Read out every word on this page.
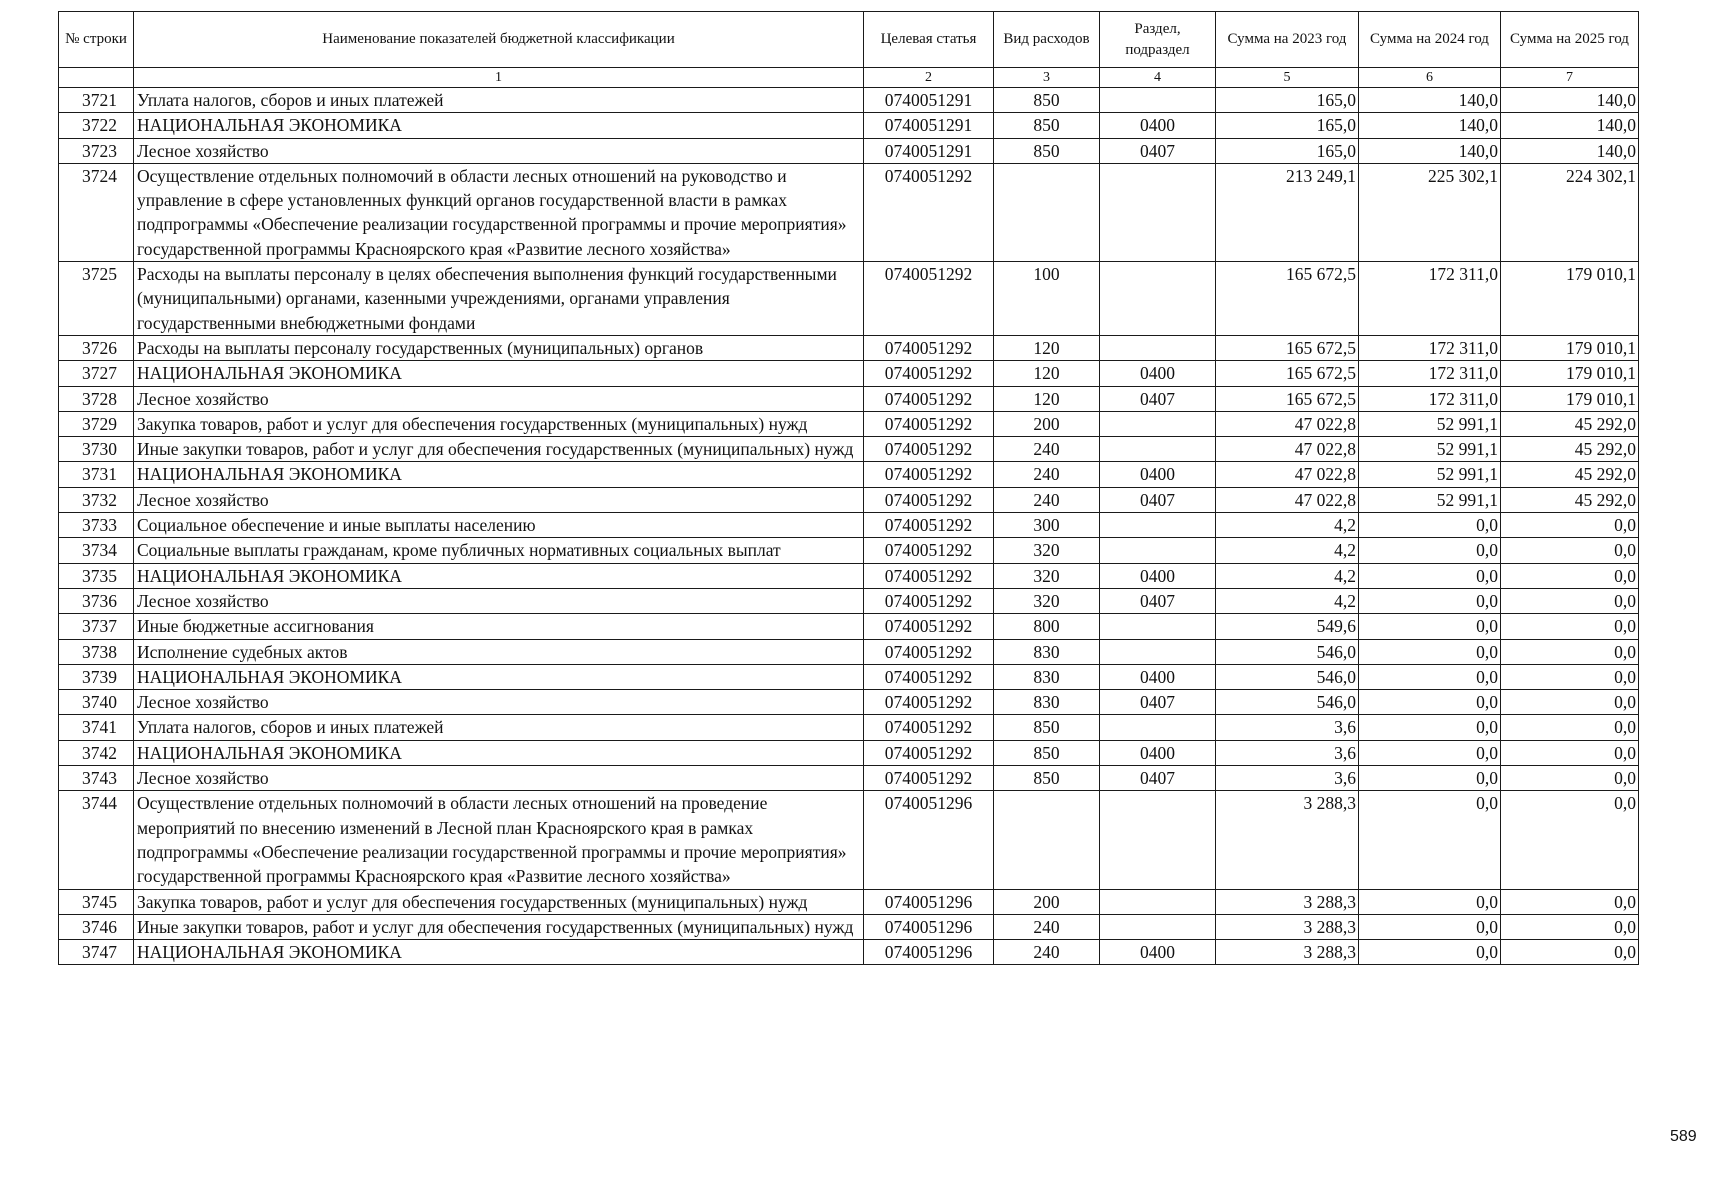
№ строки	Наименование показателей бюджетной классификации	Целевая статья	Вид расходов	Раздел, подраздел	Сумма на 2023 год	Сумма на 2024 год	Сумма на 2025 год
	1	2	3	4	5	6	7
3721	Уплата налогов, сборов и иных платежей	0740051291	850		165,0	140,0	140,0
3722	НАЦИОНАЛЬНАЯ ЭКОНОМИКА	0740051291	850	0400	165,0	140,0	140,0
3723	Лесное хозяйство	0740051291	850	0407	165,0	140,0	140,0
3724	Осуществление отдельных полномочий в области лесных отношений на руководство и управление в сфере установленных функций органов государственной власти в рамках подпрограммы «Обеспечение реализации государственной программы и прочие мероприятия» государственной программы Красноярского края «Развитие лесного хозяйства»	0740051292			213 249,1	225 302,1	224 302,1
3725	Расходы на выплаты персоналу в целях обеспечения выполнения функций государственными (муниципальными) органами, казенными учреждениями, органами управления государственными внебюджетными фондами	0740051292	100		165 672,5	172 311,0	179 010,1
3726	Расходы на выплаты персоналу государственных (муниципальных) органов	0740051292	120		165 672,5	172 311,0	179 010,1
3727	НАЦИОНАЛЬНАЯ ЭКОНОМИКА	0740051292	120	0400	165 672,5	172 311,0	179 010,1
3728	Лесное хозяйство	0740051292	120	0407	165 672,5	172 311,0	179 010,1
3729	Закупка товаров, работ и услуг для обеспечения государственных (муниципальных) нужд	0740051292	200		47 022,8	52 991,1	45 292,0
3730	Иные закупки товаров, работ и услуг для обеспечения государственных (муниципальных) нужд	0740051292	240		47 022,8	52 991,1	45 292,0
3731	НАЦИОНАЛЬНАЯ ЭКОНОМИКА	0740051292	240	0400	47 022,8	52 991,1	45 292,0
3732	Лесное хозяйство	0740051292	240	0407	47 022,8	52 991,1	45 292,0
3733	Социальное обеспечение и иные выплаты населению	0740051292	300		4,2	0,0	0,0
3734	Социальные выплаты гражданам, кроме публичных нормативных социальных выплат	0740051292	320		4,2	0,0	0,0
3735	НАЦИОНАЛЬНАЯ ЭКОНОМИКА	0740051292	320	0400	4,2	0,0	0,0
3736	Лесное хозяйство	0740051292	320	0407	4,2	0,0	0,0
3737	Иные бюджетные ассигнования	0740051292	800		549,6	0,0	0,0
3738	Исполнение судебных актов	0740051292	830		546,0	0,0	0,0
3739	НАЦИОНАЛЬНАЯ ЭКОНОМИКА	0740051292	830	0400	546,0	0,0	0,0
3740	Лесное хозяйство	0740051292	830	0407	546,0	0,0	0,0
3741	Уплата налогов, сборов и иных платежей	0740051292	850		3,6	0,0	0,0
3742	НАЦИОНАЛЬНАЯ ЭКОНОМИКА	0740051292	850	0400	3,6	0,0	0,0
3743	Лесное хозяйство	0740051292	850	0407	3,6	0,0	0,0
3744	Осуществление отдельных полномочий в области лесных отношений на проведение мероприятий по внесению изменений в Лесной план Красноярского края в рамках подпрограммы «Обеспечение реализации государственной программы и прочие мероприятия» государственной программы Красноярского края «Развитие лесного хозяйства»	0740051296			3 288,3	0,0	0,0
3745	Закупка товаров, работ и услуг для обеспечения государственных (муниципальных) нужд	0740051296	200		3 288,3	0,0	0,0
3746	Иные закупки товаров, работ и услуг для обеспечения государственных (муниципальных) нужд	0740051296	240		3 288,3	0,0	0,0
3747	НАЦИОНАЛЬНАЯ ЭКОНОМИКА	0740051296	240	0400	3 288,3	0,0	0,0
589
